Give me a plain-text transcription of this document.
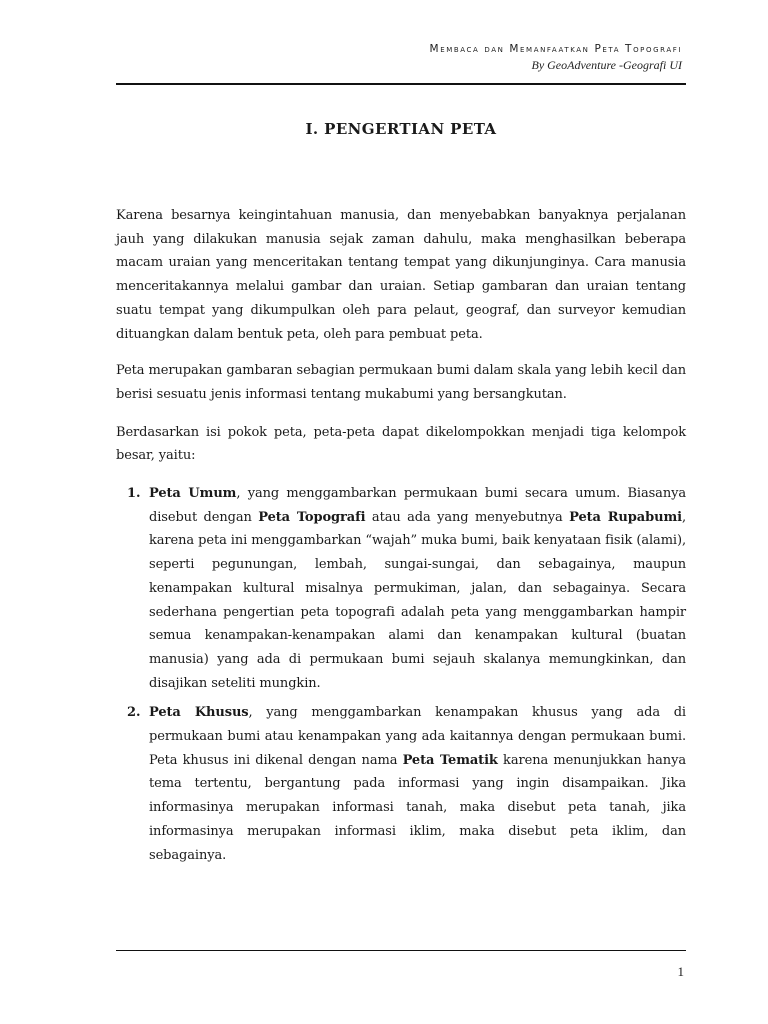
Membaca dan Memanfaatkan Peta Topografi
By GeoAdventure -Geografi UI
I. PENGERTIAN PETA

Karena besarnya keingintahuan manusia, dan menyebabkan banyaknya perjalanan jauh yang dilakukan manusia sejak zaman dahulu, maka menghasilkan beberapa macam uraian yang menceritakan tentang tempat yang dikunjunginya. Cara manusia menceritakannya melalui gambar dan uraian. Setiap gambaran dan uraian tentang suatu tempat yang dikumpulkan oleh para pelaut, geograf, dan surveyor kemudian dituangkan dalam bentuk peta, oleh para pembuat peta.

Peta merupakan gambaran sebagian permukaan bumi dalam skala yang lebih kecil dan berisi sesuatu jenis informasi tentang mukabumi yang bersangkutan.

Berdasarkan isi pokok peta, peta-peta dapat dikelompokkan menjadi tiga kelompok besar, yaitu:

1. Peta Umum, yang menggambarkan permukaan bumi secara umum. Biasanya disebut dengan Peta Topografi atau ada yang menyebutnya Peta Rupabumi, karena peta ini menggambarkan “wajah” muka bumi, baik kenyataan fisik (alami), seperti pegunungan, lembah, sungai-sungai, dan sebagainya, maupun kenampakan kultural misalnya permukiman, jalan, dan sebagainya. Secara sederhana pengertian peta topografi adalah peta yang menggambarkan hampir semua kenampakan-kenampakan alami dan kenampakan kultural (buatan manusia) yang ada di permukaan bumi sejauh skalanya memungkinkan, dan disajikan seteliti mungkin.
2. Peta Khusus, yang menggambarkan kenampakan khusus yang ada di permukaan bumi atau kenampakan yang ada kaitannya dengan permukaan bumi. Peta khusus ini dikenal dengan nama Peta Tematik karena menunjukkan hanya tema tertentu, bergantung pada informasi yang ingin disampaikan. Jika informasinya merupakan informasi tanah, maka disebut peta tanah, jika informasinya merupakan informasi iklim, maka disebut peta iklim, dan sebagainya.
1
